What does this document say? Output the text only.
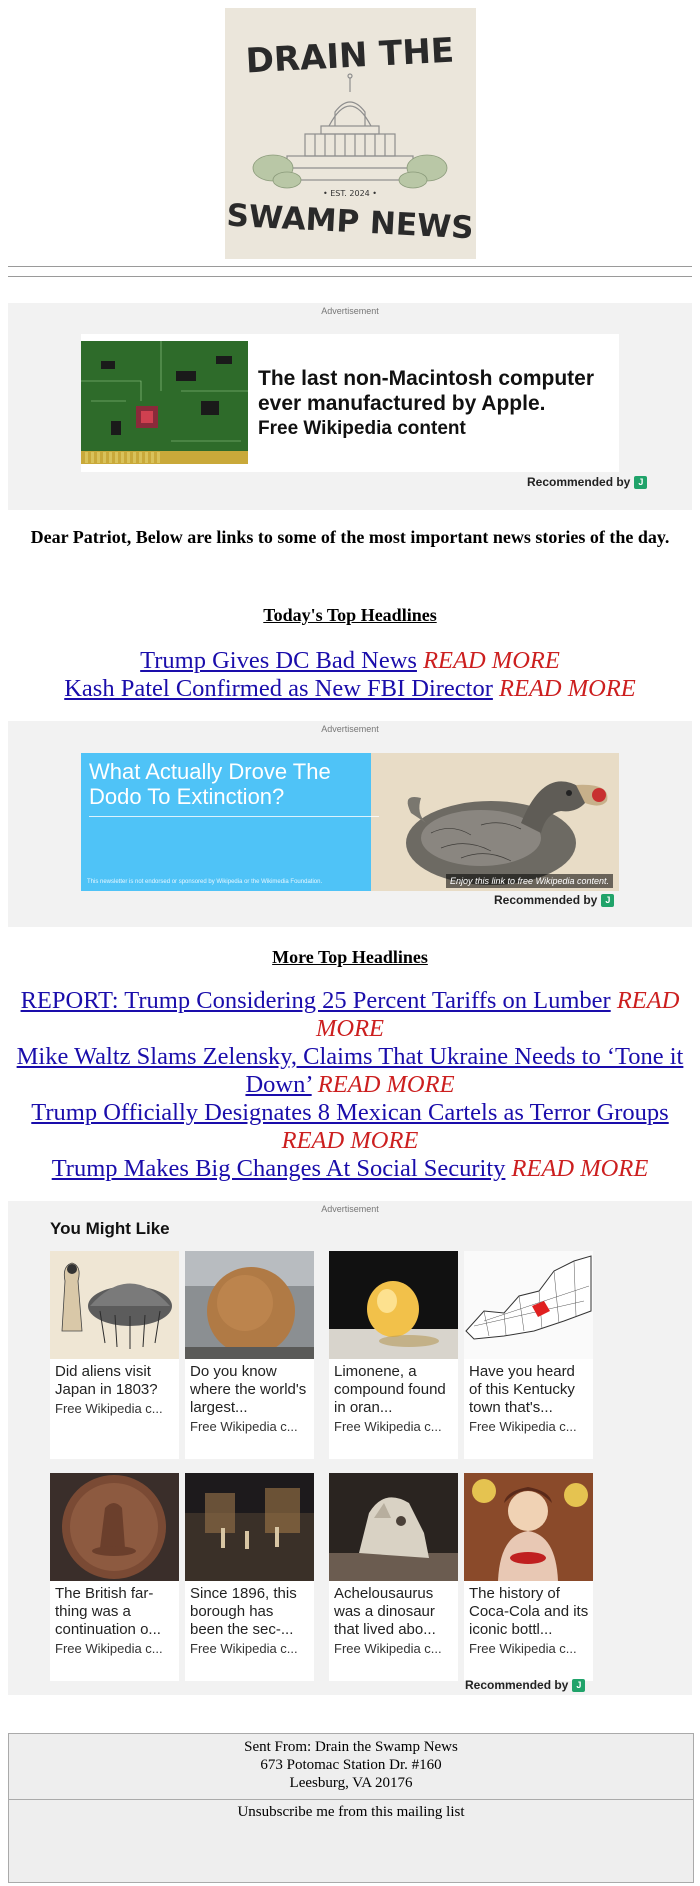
DRAIN THE
• EST. 2024 •
SWAMP NEWS
Advertisement
The last non-Macintosh computer ever manufactured by Apple.
Free Wikipedia content
Recommended by J
Dear Patriot, Below are links to some of the most important news stories of the day.
Today's Top Headlines
Trump Gives DC Bad News READ MORE
Kash Patel Confirmed as New FBI Director READ MORE
Advertisement
What Actually Drove The Dodo To Extinction?
This newsletter is not endorsed or sponsored by Wikipedia or the Wikimedia Foundation.	Enjoy this link to free Wikipedia content.
Recommended by J
More Top Headlines
REPORT: Trump Considering 25 Percent Tariffs on Lumber READ MORE
Mike Waltz Slams Zelensky, Claims That Ukraine Needs to ‘Tone it Down’ READ MORE
Trump Officially Designates 8 Mexican Cartels as Terror Groups READ MORE
Trump Makes Big Changes At Social Security READ MORE
Advertisement
You Might Like
Did aliens visit Japan in 1803?
Free Wikipedia c...
Do you know where the world's largest...
Free Wikipedia c...
Limonene, a compound found in oran...
Free Wikipedia c...
Have you heard of this Kentucky town that's...
Free Wikipedia c...
The British far-thing was a continuation o...
Free Wikipedia c...
Since 1896, this borough has been the sec-...
Free Wikipedia c...
Achelousaurus was a dinosaur that lived abo...
Free Wikipedia c...
The history of Coca-Cola and its iconic bottl...
Free Wikipedia c...
Recommended by J
Sent From: Drain the Swamp News
673 Potomac Station Dr. #160
Leesburg, VA 20176
Unsubscribe me from this mailing list
